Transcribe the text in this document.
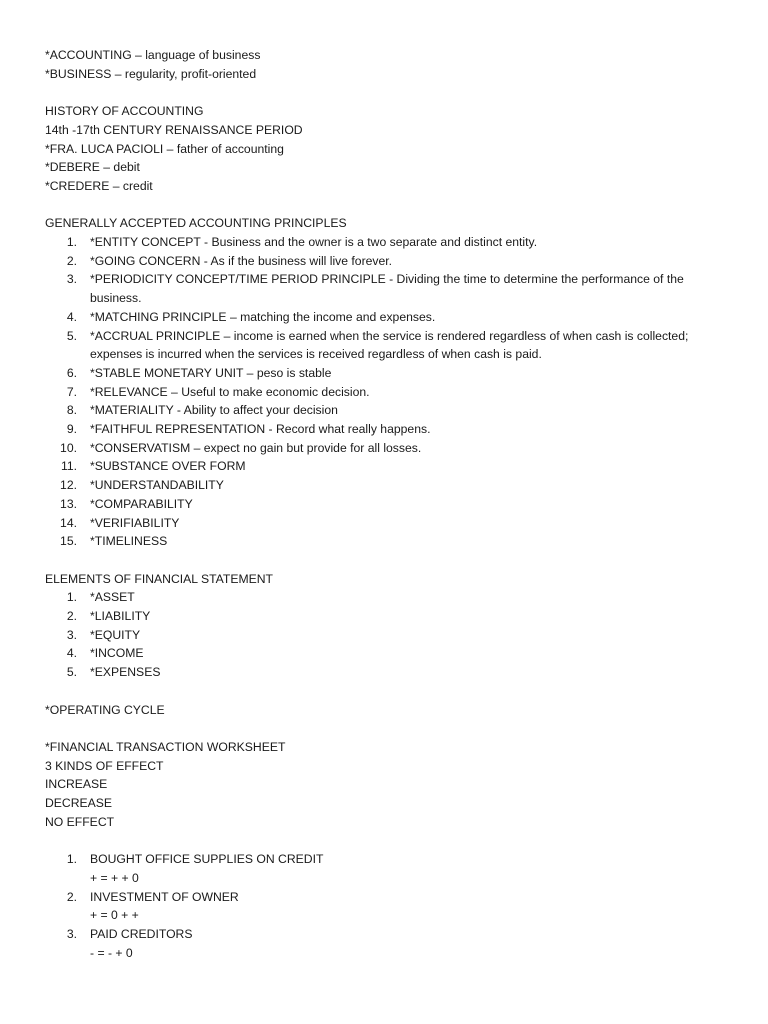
*ACCOUNTING – language of business

*BUSINESS – regularity, profit-oriented

HISTORY OF ACCOUNTING

14th -17th CENTURY RENAISSANCE PERIOD

*FRA. LUCA PACIOLI – father of accounting

*DEBERE – debit

*CREDERE – credit

GENERALLY ACCEPTED ACCOUNTING PRINCIPLES

1. *ENTITY CONCEPT - Business and the owner is a two separate and distinct entity.
2. *GOING CONCERN - As if the business will live forever.
3. *PERIODICITY CONCEPT/TIME PERIOD PRINCIPLE - Dividing the time to determine the performance of the business.
4. *MATCHING PRINCIPLE – matching the income and expenses.
5. *ACCRUAL PRINCIPLE – income is earned when the service is rendered regardless of when cash is collected; expenses is incurred when the services is received regardless of when cash is paid.
6. *STABLE MONETARY UNIT – peso is stable
7. *RELEVANCE – Useful to make economic decision.
8. *MATERIALITY - Ability to affect your decision
9. *FAITHFUL REPRESENTATION - Record what really happens.
10. *CONSERVATISM – expect no gain but provide for all losses.
11. *SUBSTANCE OVER FORM
12. *UNDERSTANDABILITY
13. *COMPARABILITY
14. *VERIFIABILITY
15. *TIMELINESS

ELEMENTS OF FINANCIAL STATEMENT

1. *ASSET
2. *LIABILITY
3. *EQUITY
4. *INCOME
5. *EXPENSES

*OPERATING CYCLE

*FINANCIAL TRANSACTION WORKSHEET

3 KINDS OF EFFECT

INCREASE

DECREASE

NO EFFECT

1. BOUGHT OFFICE SUPPLIES ON CREDIT
+ = + + 0
2. INVESTMENT OF OWNER
+ = 0 + +
3. PAID CREDITORS
- = - + 0
